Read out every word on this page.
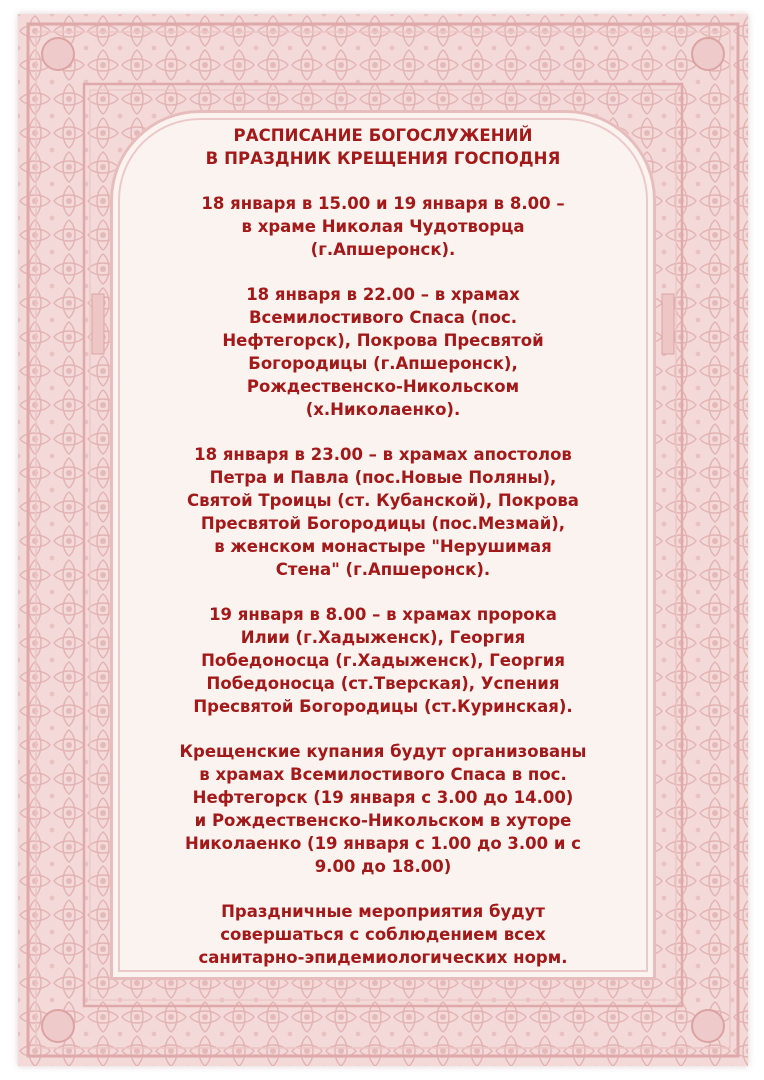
РАСПИСАНИЕ БОГОСЛУЖЕНИЙ
В ПРАЗДНИК КРЕЩЕНИЯ ГОСПОДНЯ
18 января в 15.00 и 19 января в 8.00 –
в храме Николая Чудотворца
(г.Апшеронск).
18 января в 22.00 – в храмах
Всемилостивого Спаса (пос.
Нефтегорск), Покрова Пресвятой
Богородицы (г.Апшеронск),
Рождественско-Никольском
(х.Николаенко).
18 января в 23.00 – в храмах апостолов
Петра и Павла (пос.Новые Поляны),
Святой Троицы (ст. Кубанской), Покрова
Пресвятой Богородицы (пос.Мезмай),
в женском монастыре "Нерушимая
Стена" (г.Апшеронск).
19 января в 8.00 – в храмах пророка
Илии (г.Хадыженск), Георгия
Победоносца (г.Хадыженск), Георгия
Победоносца (ст.Тверская), Успения
Пресвятой Богородицы (ст.Куринская).
Крещенские купания будут организованы
в храмах Всемилостивого Спаса в пос.
Нефтегорск (19 января с 3.00 до 14.00)
и Рождественско-Никольском в хуторе
Николаенко (19 января с 1.00 до 3.00 и с
9.00 до 18.00)
Праздничные мероприятия будут
совершаться с соблюдением всех
санитарно-эпидемиологических норм.
